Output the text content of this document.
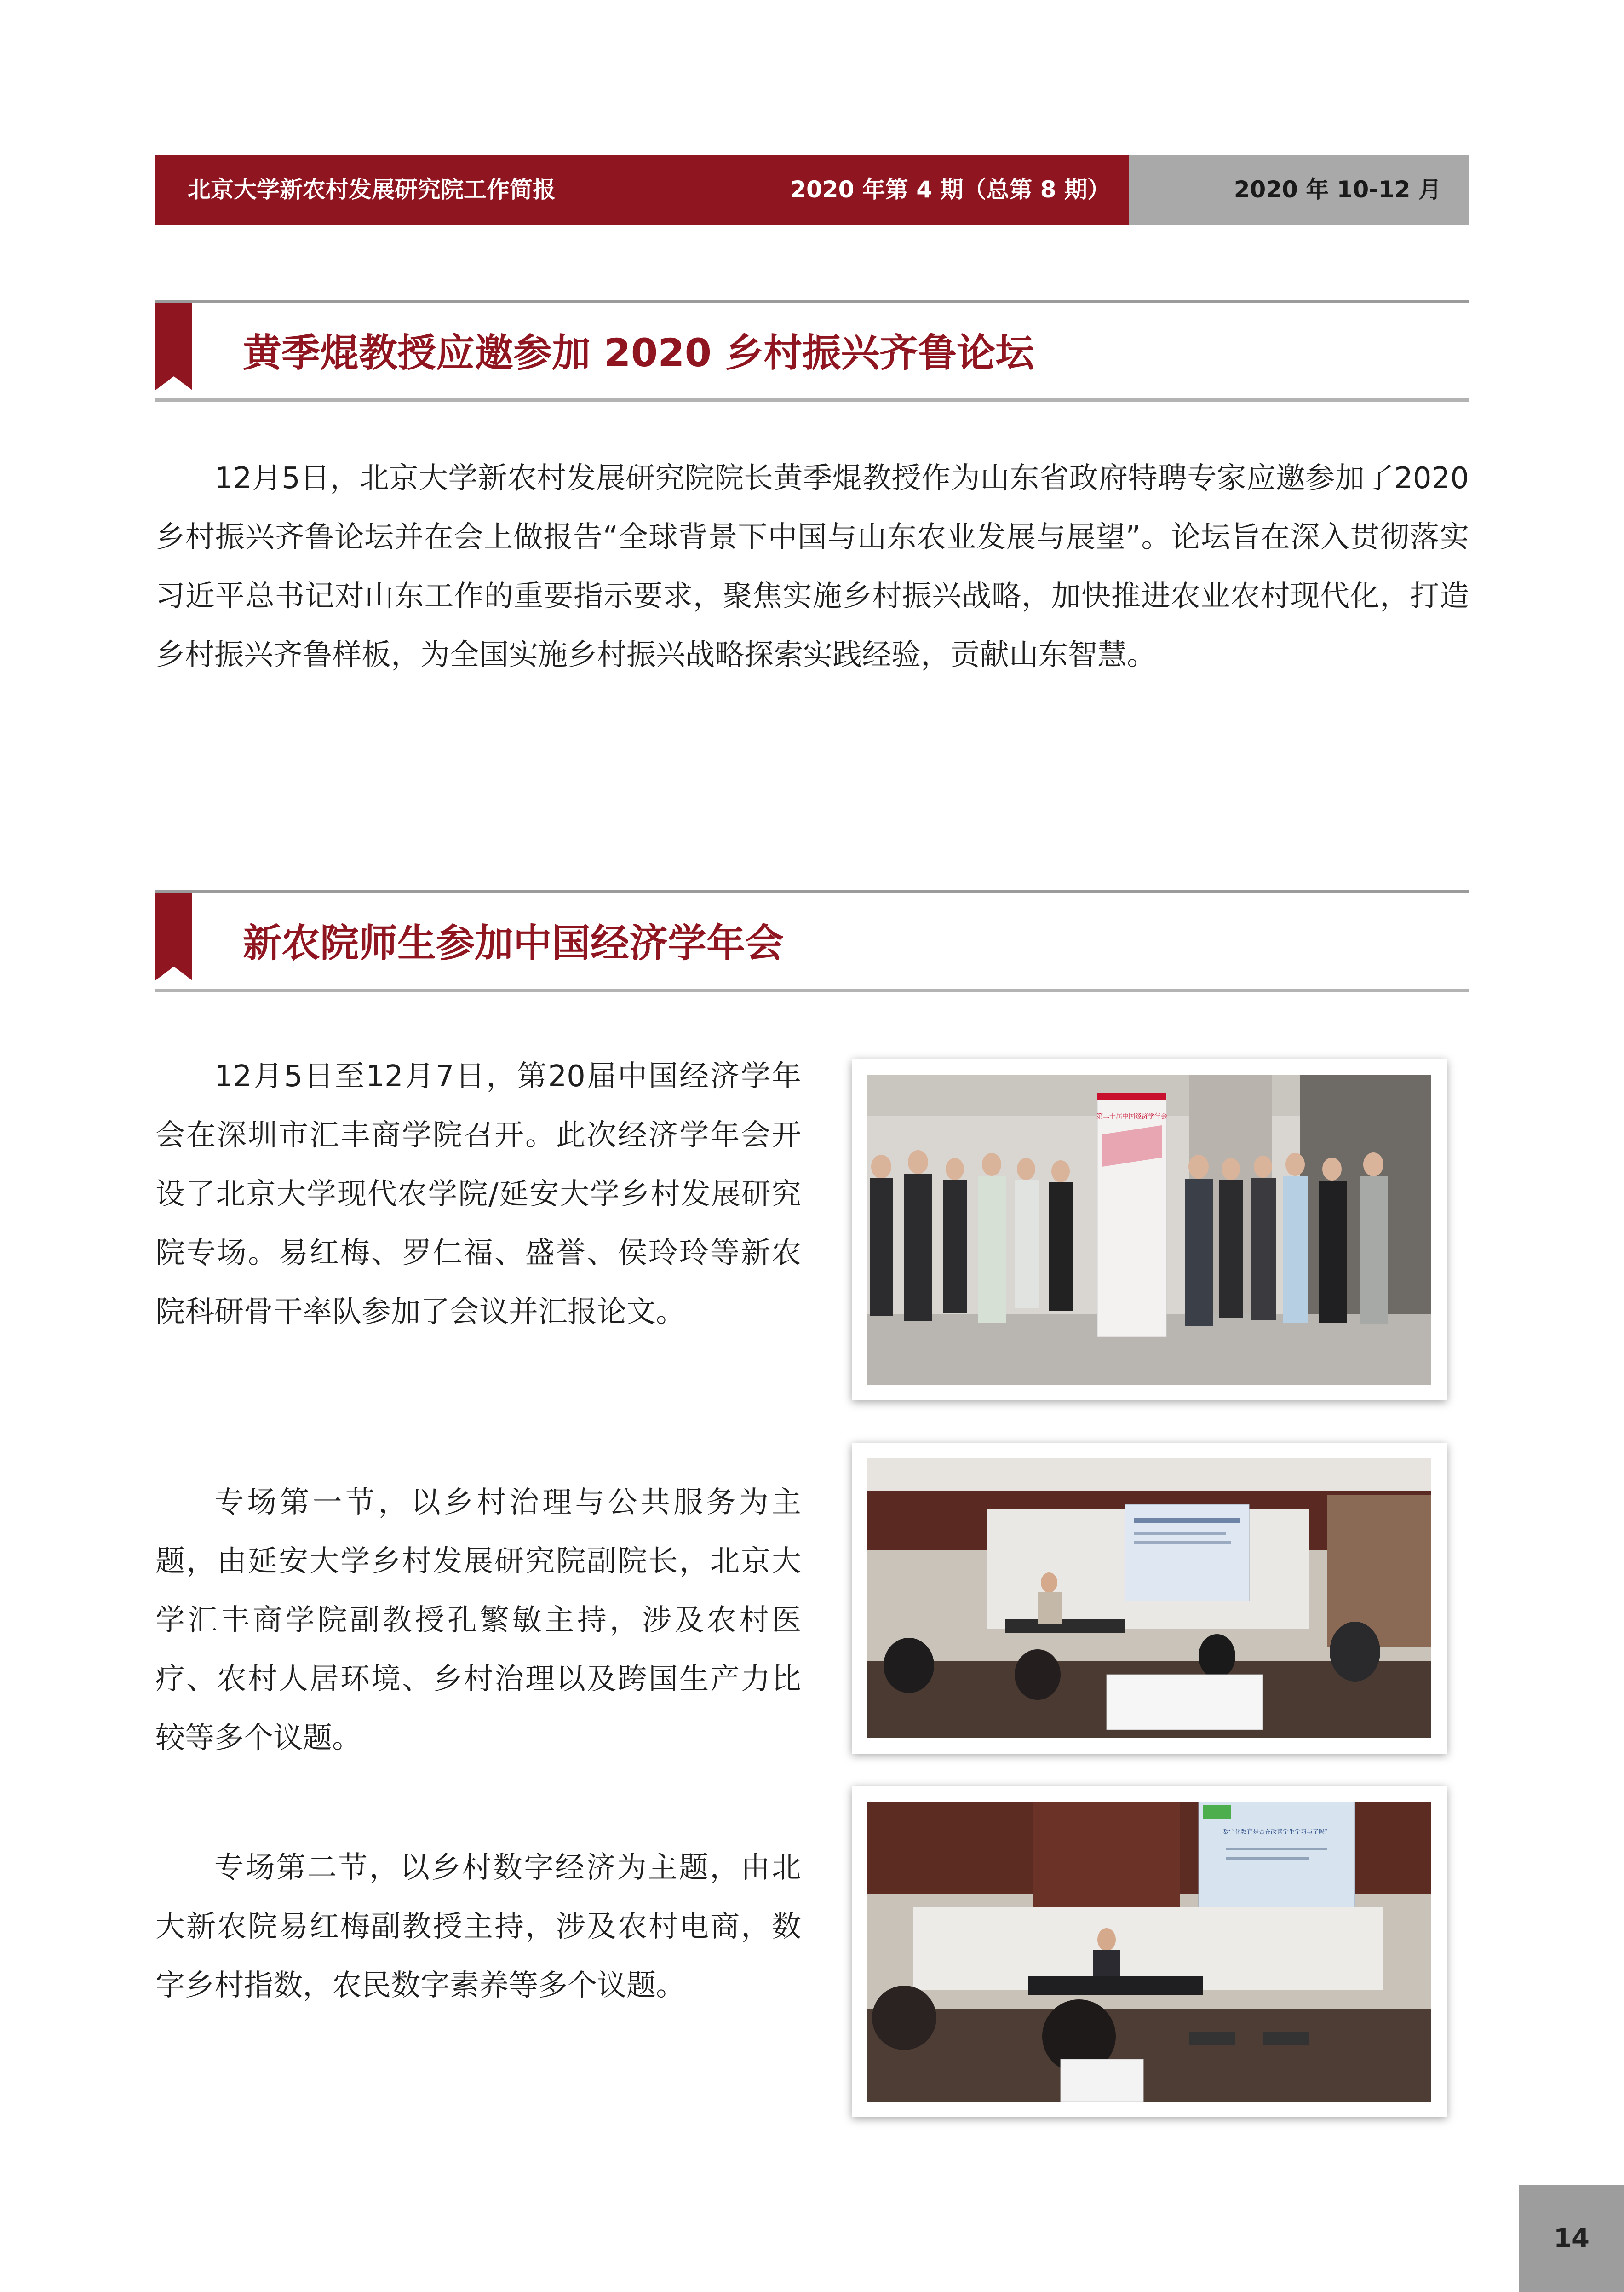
北京大学新农村发展研究院工作简报	2020 年第 4 期（总第 8 期）	2020 年 10-12 月
黄季焜教授应邀参加 2020 乡村振兴齐鲁论坛

12月5日，北京大学新农村发展研究院院长黄季焜教授作为山东省政府特聘专家应邀参加了2020乡村振兴齐鲁论坛并在会上做报告“全球背景下中国与山东农业发展与展望”。论坛旨在深入贯彻落实习近平总书记对山东工作的重要指示要求，聚焦实施乡村振兴战略，加快推进农业农村现代化，打造乡村振兴齐鲁样板，为全国实施乡村振兴战略探索实践经验，贡献山东智慧。

新农院师生参加中国经济学年会

12月5日至12月7日，第20届中国经济学年会在深圳市汇丰商学院召开。此次经济学年会开设了北京大学现代农学院/延安大学乡村发展研究院专场。易红梅、罗仁福、盛誉、侯玲玲等新农院科研骨干率队参加了会议并汇报论文。

专场第一节，以乡村治理与公共服务为主题，由延安大学乡村发展研究院副院长，北京大学汇丰商学院副教授孔繁敏主持，涉及农村医疗、农村人居环境、乡村治理以及跨国生产力比较等多个议题。

专场第二节，以乡村数字经济为主题，由北大新农院易红梅副教授主持，涉及农村电商，数字乡村指数，农民数字素养等多个议题。

第二十届中国经济学年会
数字化教育是否在改善学生学习与了吗？
14
